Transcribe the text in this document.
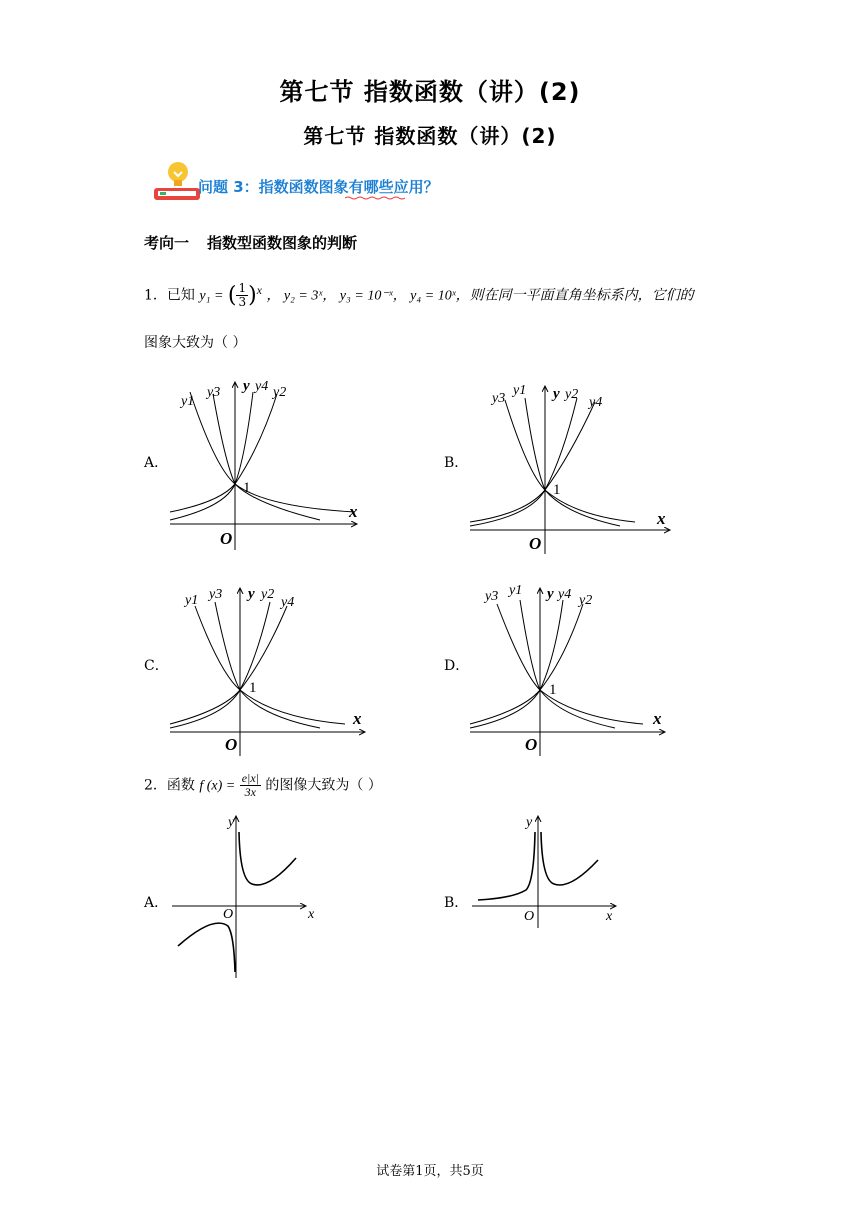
第七节 指数函数（讲）(2)
第七节 指数函数（讲）(2)
问题 3：指数函数图象有哪些应用？
考向一 指数型函数图象的判断
1．已知 y₁ = ( $\frac{1}{3} )^x$ ， y₂ = 3ˣ， y₃ = 10⁻ˣ， y₄ = 10ˣ，则在同一平面直角坐标系内，它们的
图象大致为（ ）
A．	B．
C．	D．
y1
y3 y y4 y2
1
x
O
y3
y1 y y2
y4
1
x
O
y1 y3 y y2
y4
1
x
O
y3 y1 y y4 y2
1
x
O
2．函数 f $(x) = \frac{e|x|}{3x}$ 的图像大致为（ ）
A．	B．
y
x
O
y
x
O
试卷第1页，共5页
